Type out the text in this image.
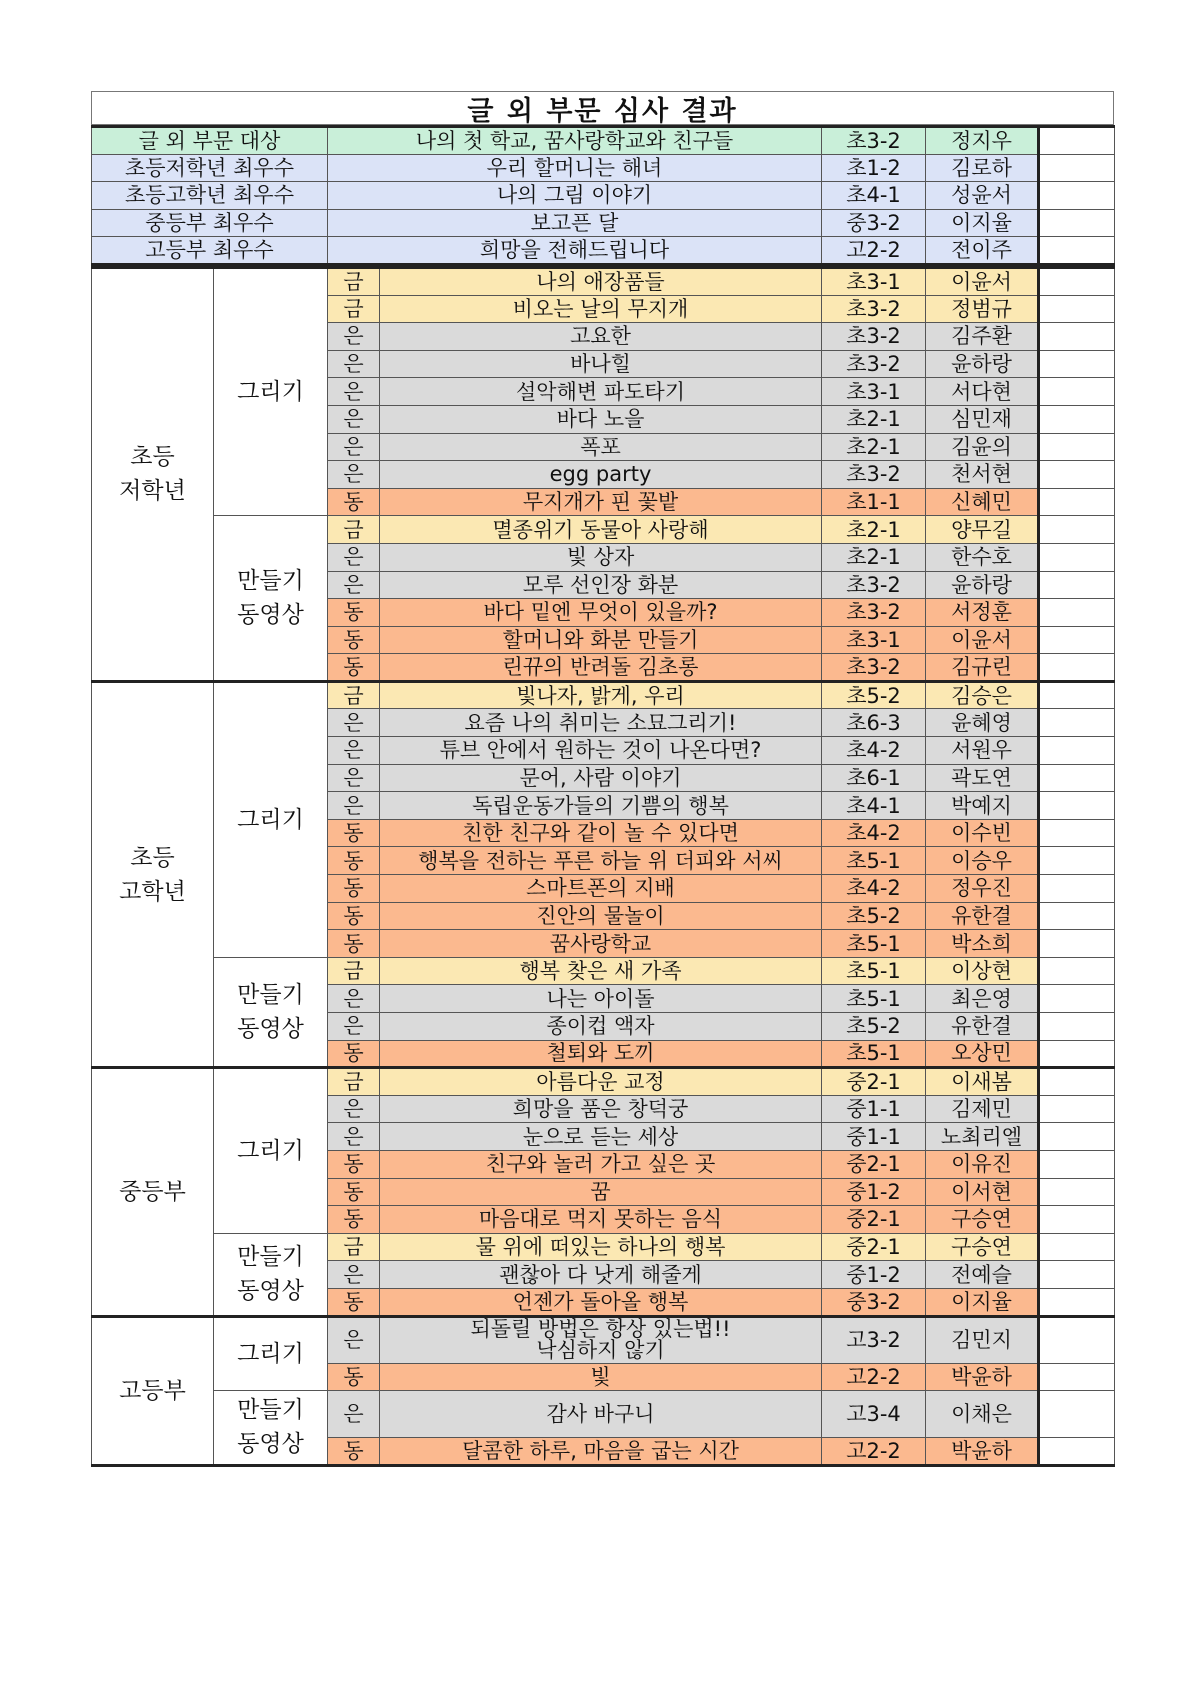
글 외 부문 심사 결과
글 외 부문 대상	나의 첫 학교, 꿈사랑학교와 친구들	초3-2	정지우	
초등저학년 최우수	우리 할머니는 해녀	초1-2	김로하	
초등고학년 최우수	나의 그림 이야기	초4-1	성윤서	
중등부 최우수	보고픈 달	중3-2	이지율	
고등부 최우수	희망을 전해드립니다	고2-2	전이주	
초등
저학년	그리기	금	나의 애장품들	초3-1	이윤서	
		금	비오는 날의 무지개	초3-2	정범규	
		은	고요한	초3-2	김주환	
		은	바나힐	초3-2	윤하랑	
		은	설악해변 파도타기	초3-1	서다현	
		은	바다 노을	초2-1	심민재	
		은	폭포	초2-1	김윤의	
		은	egg party	초3-2	천서현	
		동	무지개가 핀 꽃밭	초1-1	신혜민	
	만들기
동영상	금	멸종위기 동물아 사랑해	초2-1	양무길	
		은	빛 상자	초2-1	한수호	
		은	모루 선인장 화분	초3-2	윤하랑	
		동	바다 밑엔 무엇이 있을까?	초3-2	서정훈	
		동	할머니와 화분 만들기	초3-1	이윤서	
		동	린뀨의 반려돌 김초롱	초3-2	김규린	
초등
고학년	그리기	금	빛나자, 밝게, 우리	초5-2	김승은	
		은	요즘 나의 취미는 소묘그리기!	초6-3	윤혜영	
		은	튜브 안에서 원하는 것이 나온다면?	초4-2	서원우	
		은	문어, 사람 이야기	초6-1	곽도연	
		은	독립운동가들의 기쁨의 행복	초4-1	박예지	
		동	친한 친구와 같이 놀 수 있다면	초4-2	이수빈	
		동	행복을 전하는 푸른 하늘 위 더피와 서씨	초5-1	이승우	
		동	스마트폰의 지배	초4-2	정우진	
		동	진안의 물놀이	초5-2	유한결	
		동	꿈사랑학교	초5-1	박소희	
	만들기
동영상	금	행복 찾은 새 가족	초5-1	이상현	
		은	나는 아이돌	초5-1	최은영	
		은	종이컵 액자	초5-2	유한결	
		동	철퇴와 도끼	초5-1	오상민	
중등부	그리기	금	아름다운 교정	중2-1	이새봄	
		은	희망을 품은 창덕궁	중1-1	김제민	
		은	눈으로 듣는 세상	중1-1	노최리엘	
		동	친구와 놀러 가고 싶은 곳	중2-1	이유진	
		동	꿈	중1-2	이서현	
		동	마음대로 먹지 못하는 음식	중2-1	구승연	
	만들기
동영상	금	물 위에 떠있는 하나의 행복	중2-1	구승연	
		은	괜찮아 다 낫게 해줄게	중1-2	전예슬	
		동	언젠가 돌아올 행복	중3-2	이지율	
고등부	그리기	은	되돌릴 방법은 항상 있는법!!
낙심하지 않기	고3-2	김민지	
		동	빛	고2-2	박윤하	
	만들기
동영상	은	감사 바구니	고3-4	이채은	
		동	달콤한 하루, 마음을 굽는 시간	고2-2	박윤하	
